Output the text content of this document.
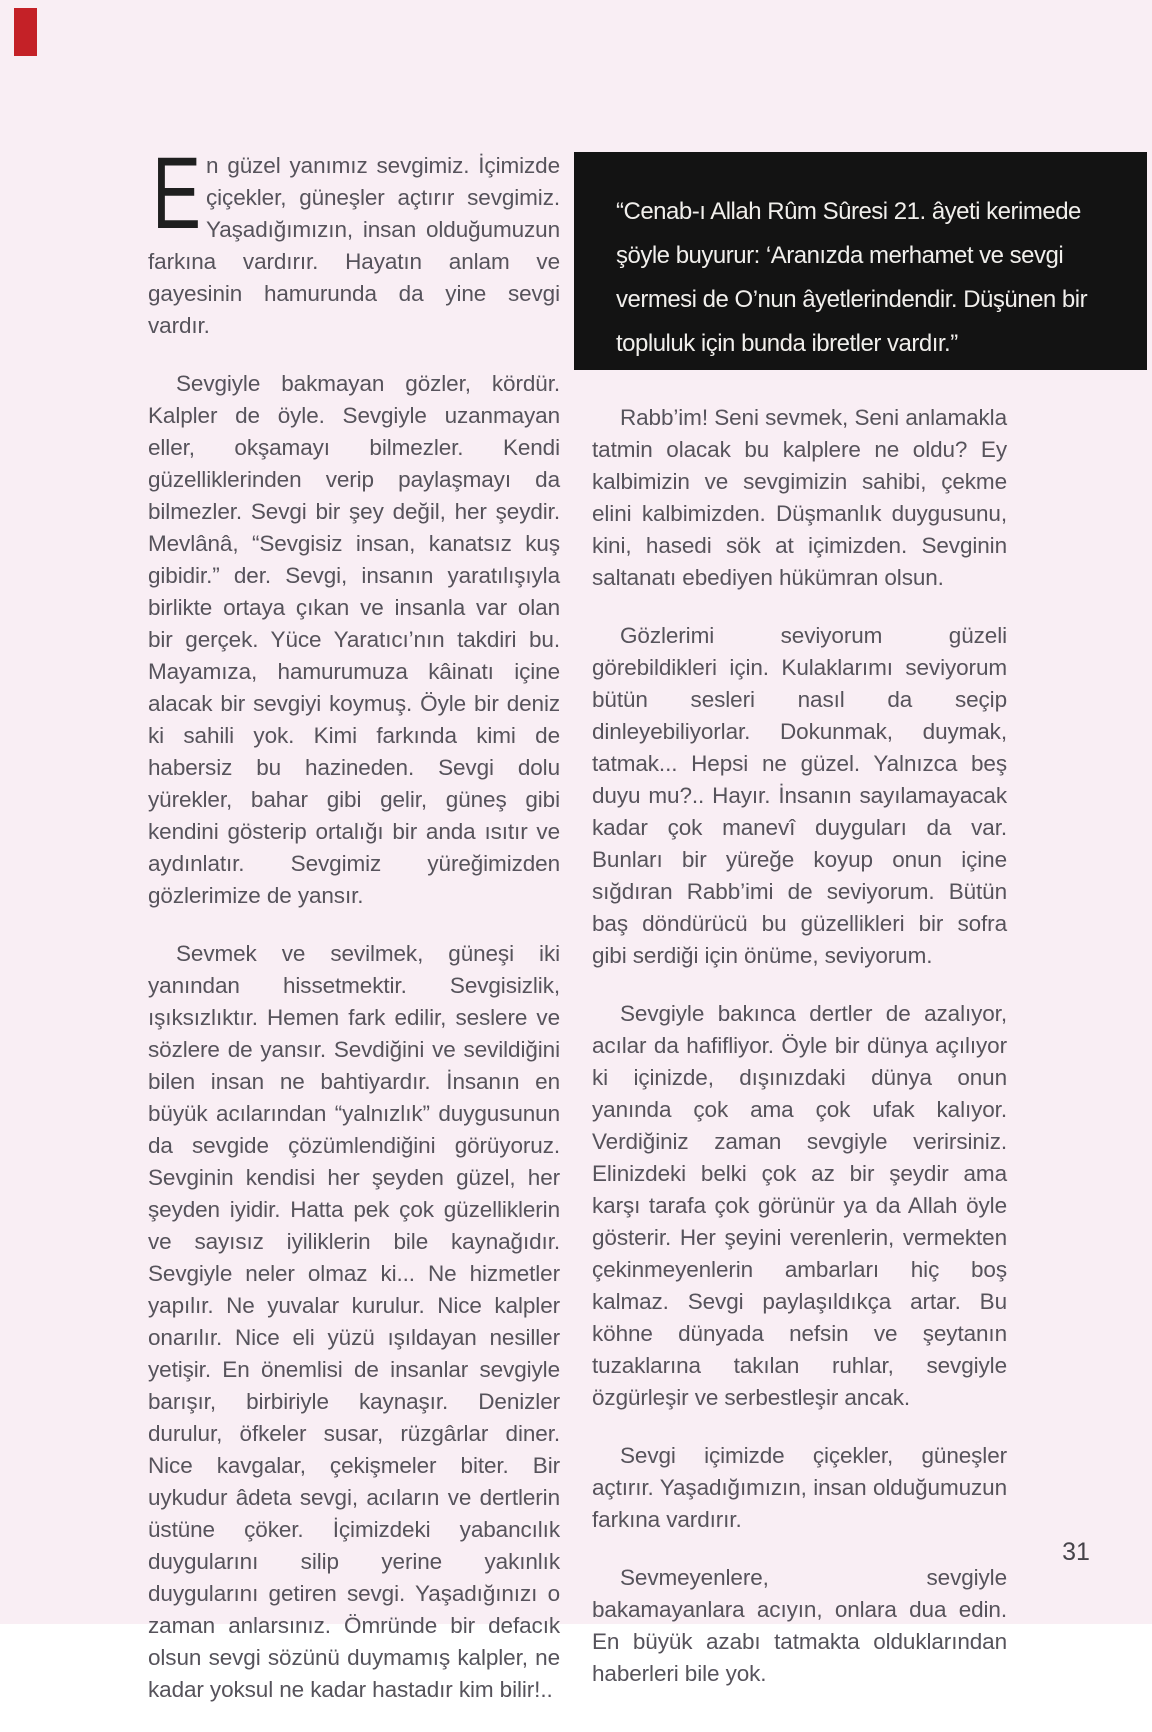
“Cenab-ı Allah Rûm Sûresi 21. âyeti kerimede şöyle buyurur: ‘Aranızda merhamet ve sevgi vermesi de O’nun âyetlerindendir. Düşünen bir topluluk için bunda ibretler vardır.”

En güzel yanımız sevgimiz. İçimizde çiçekler, güneşler açtırır sevgimiz. Yaşadığımızın, insan olduğumuzun farkına vardırır. Hayatın anlam ve gayesinin hamurunda da yine sevgi vardır.

Sevgiyle bakmayan gözler, kördür. Kalpler de öyle. Sevgiyle uzanmayan eller, okşamayı bilmezler. Kendi güzelliklerinden verip paylaşmayı da bilmezler. Sevgi bir şey değil, her şeydir. Mevlânâ, “Sevgisiz insan, kanatsız kuş gibidir.” der. Sevgi, insanın yaratılışıyla birlikte ortaya çıkan ve insanla var olan bir gerçek. Yüce Yaratıcı’nın takdiri bu. Mayamıza, hamurumuza kâinatı içine alacak bir sevgiyi koymuş. Öyle bir deniz ki sahili yok. Kimi farkında kimi de habersiz bu hazineden. Sevgi dolu yürekler, bahar gibi gelir, güneş gibi kendini gösterip ortalığı bir anda ısıtır ve aydınlatır. Sevgimiz yüreğimizden gözlerimize de yansır.

Sevmek ve sevilmek, güneşi iki yanından hissetmektir. Sevgisizlik, ışıksızlıktır. Hemen fark edilir, seslere ve sözlere de yansır. Sevdiğini ve sevildiğini bilen insan ne bahtiyardır. İnsanın en büyük acılarından “yalnızlık” duygusunun da sevgide çözümlendiğini görüyoruz. Sevginin kendisi her şeyden güzel, her şeyden iyidir. Hatta pek çok güzelliklerin ve sayısız iyiliklerin bile kaynağıdır. Sevgiyle neler olmaz ki... Ne hizmetler yapılır. Ne yuvalar kurulur. Nice kalpler onarılır. Nice eli yüzü ışıldayan nesiller yetişir. En önemlisi de insanlar sevgiyle barışır, birbiriyle kaynaşır. Denizler durulur, öfkeler susar, rüzgârlar diner. Nice kavgalar, çekişmeler biter. Bir uykudur âdeta sevgi, acıların ve dertlerin üstüne çöker. İçimizdeki yabancılık duygularını silip yerine yakınlık duygularını getiren sevgi. Yaşadığınızı o zaman anlarsınız. Ömründe bir defacık olsun sevgi sözünü duymamış kalpler, ne kadar yoksul ne kadar hastadır kim bilir!..

Rabb’im! Seni sevmek, Seni anlamakla tatmin olacak bu kalplere ne oldu? Ey kalbimizin ve sevgimizin sahibi, çekme elini kalbimizden. Düşmanlık duygusunu, kini, hasedi sök at içimizden. Sevginin saltanatı ebediyen hükümran olsun.

Gözlerimi seviyorum güzeli görebildikleri için. Kulaklarımı seviyorum bütün sesleri nasıl da seçip dinleyebiliyorlar. Dokunmak, duymak, tatmak... Hepsi ne güzel. Yalnızca beş duyu mu?.. Hayır. İnsanın sayılamayacak kadar çok manevî duyguları da var. Bunları bir yüreğe koyup onun içine sığdıran Rabb’imi de seviyorum. Bütün baş döndürücü bu güzellikleri bir sofra gibi serdiği için önüme, seviyorum.

Sevgiyle bakınca dertler de azalıyor, acılar da hafifliyor. Öyle bir dünya açılıyor ki içinizde, dışınızdaki dünya onun yanında çok ama çok ufak kalıyor. Verdiğiniz zaman sevgiyle verirsiniz. Elinizdeki belki çok az bir şeydir ama karşı tarafa çok görünür ya da Allah öyle gösterir. Her şeyini verenlerin, vermekten çekinmeyenlerin ambarları hiç boş kalmaz. Sevgi paylaşıldıkça artar. Bu köhne dünyada nefsin ve şeytanın tuzaklarına takılan ruhlar, sevgiyle özgürleşir ve serbestleşir ancak.

Sevgi içimizde çiçekler, güneşler açtırır. Yaşadığımızın, insan olduğumuzun farkına vardırır.

Sevmeyenlere, sevgiyle bakamayanlara acıyın, onlara dua edin. En büyük azabı tatmakta olduklarından haberleri bile yok.

31
